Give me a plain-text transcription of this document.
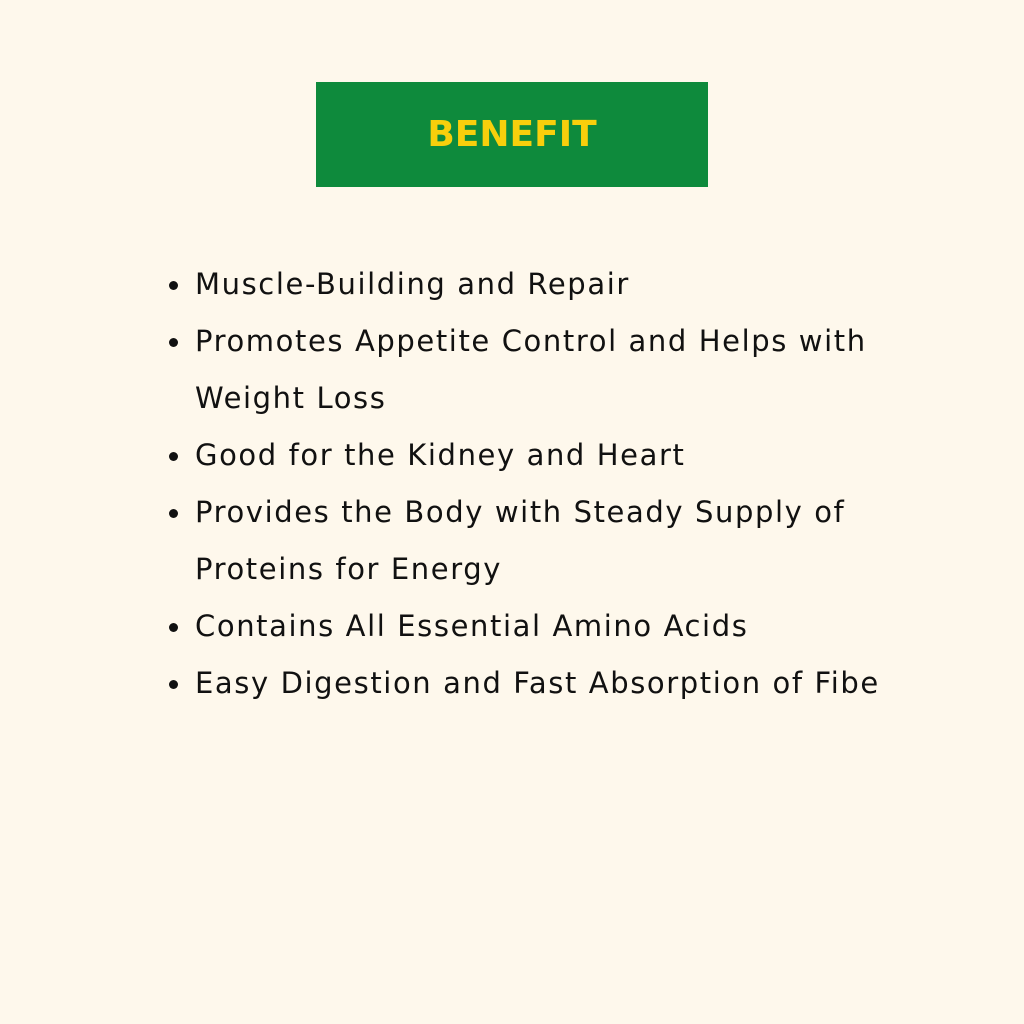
BENEFIT
Muscle-Building and Repair
Promotes Appetite Control and Helps with
Weight Loss
Good for the Kidney and Heart
Provides the Body with Steady Supply of
Proteins for Energy
Contains All Essential Amino Acids
Easy Digestion and Fast Absorption of Fibe
